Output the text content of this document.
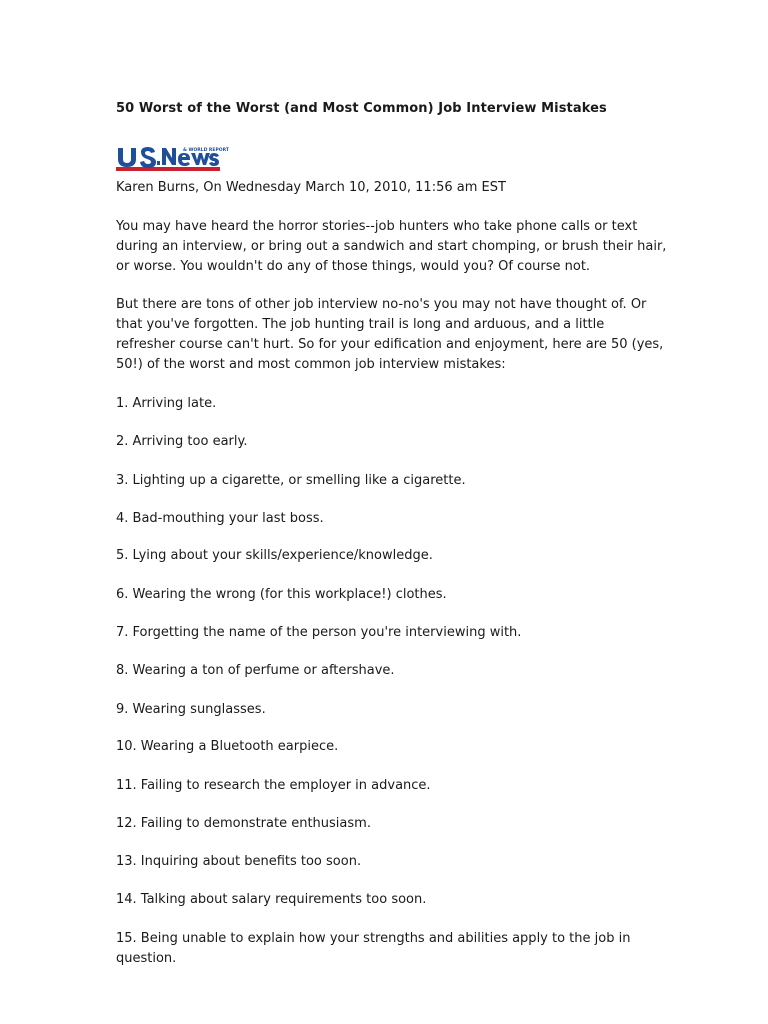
50 Worst of the Worst (and Most Common) Job Interview Mistakes
& WORLD REPORT
Karen Burns, On Wednesday March 10, 2010, 11:56 am EST
You may have heard the horror stories--job hunters who take phone calls or text
during an interview, or bring out a sandwich and start chomping, or brush their hair,
or worse. You wouldn't do any of those things, would you? Of course not.
But there are tons of other job interview no-no's you may not have thought of. Or
that you've forgotten. The job hunting trail is long and arduous, and a little
refresher course can't hurt. So for your edification and enjoyment, here are 50 (yes,
50!) of the worst and most common job interview mistakes:
1. Arriving late.
2. Arriving too early.
3. Lighting up a cigarette, or smelling like a cigarette.
4. Bad-mouthing your last boss.
5. Lying about your skills/experience/knowledge.
6. Wearing the wrong (for this workplace!) clothes.
7. Forgetting the name of the person you're interviewing with.
8. Wearing a ton of perfume or aftershave.
9. Wearing sunglasses.
10. Wearing a Bluetooth earpiece.
11. Failing to research the employer in advance.
12. Failing to demonstrate enthusiasm.
13. Inquiring about benefits too soon.
14. Talking about salary requirements too soon.
15. Being unable to explain how your strengths and abilities apply to the job in
question.
